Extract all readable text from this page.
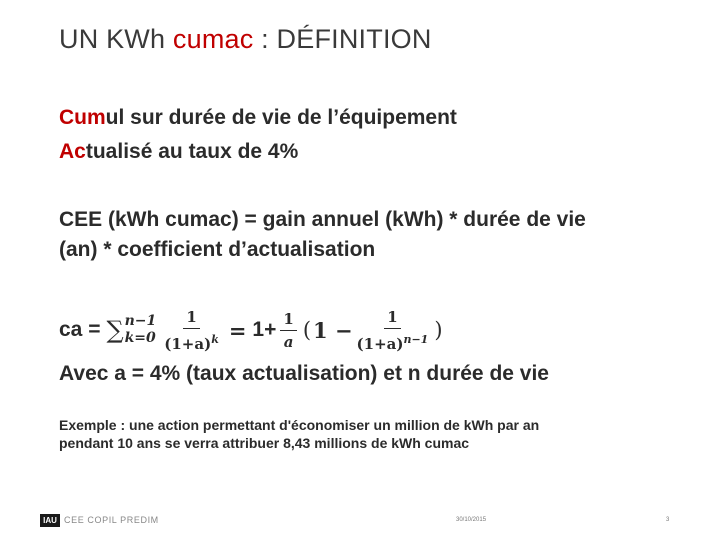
UN KWh cumac : DÉFINITION
Cumul sur durée de vie de l’équipement
Actualisé au taux de 4%
CEE (kWh cumac) = gain annuel (kWh) * durée de vie
(an) * coefficient d’actualisation
ca = ∑ n−1
$k=0 \frac{1}{(1+a)^k} = 1+ \frac{1}{a}$ ( $1 - \frac{1}{(1+a)^{n-1}}$ )
Avec a = 4% (taux actualisation) et n durée de vie
Exemple : une action permettant d'économiser un million de kWh par an
pendant 10 ans se verra attribuer 8,43 millions de kWh cumac
IAU CEE COPIL PREDIM	30/10/2015	3
